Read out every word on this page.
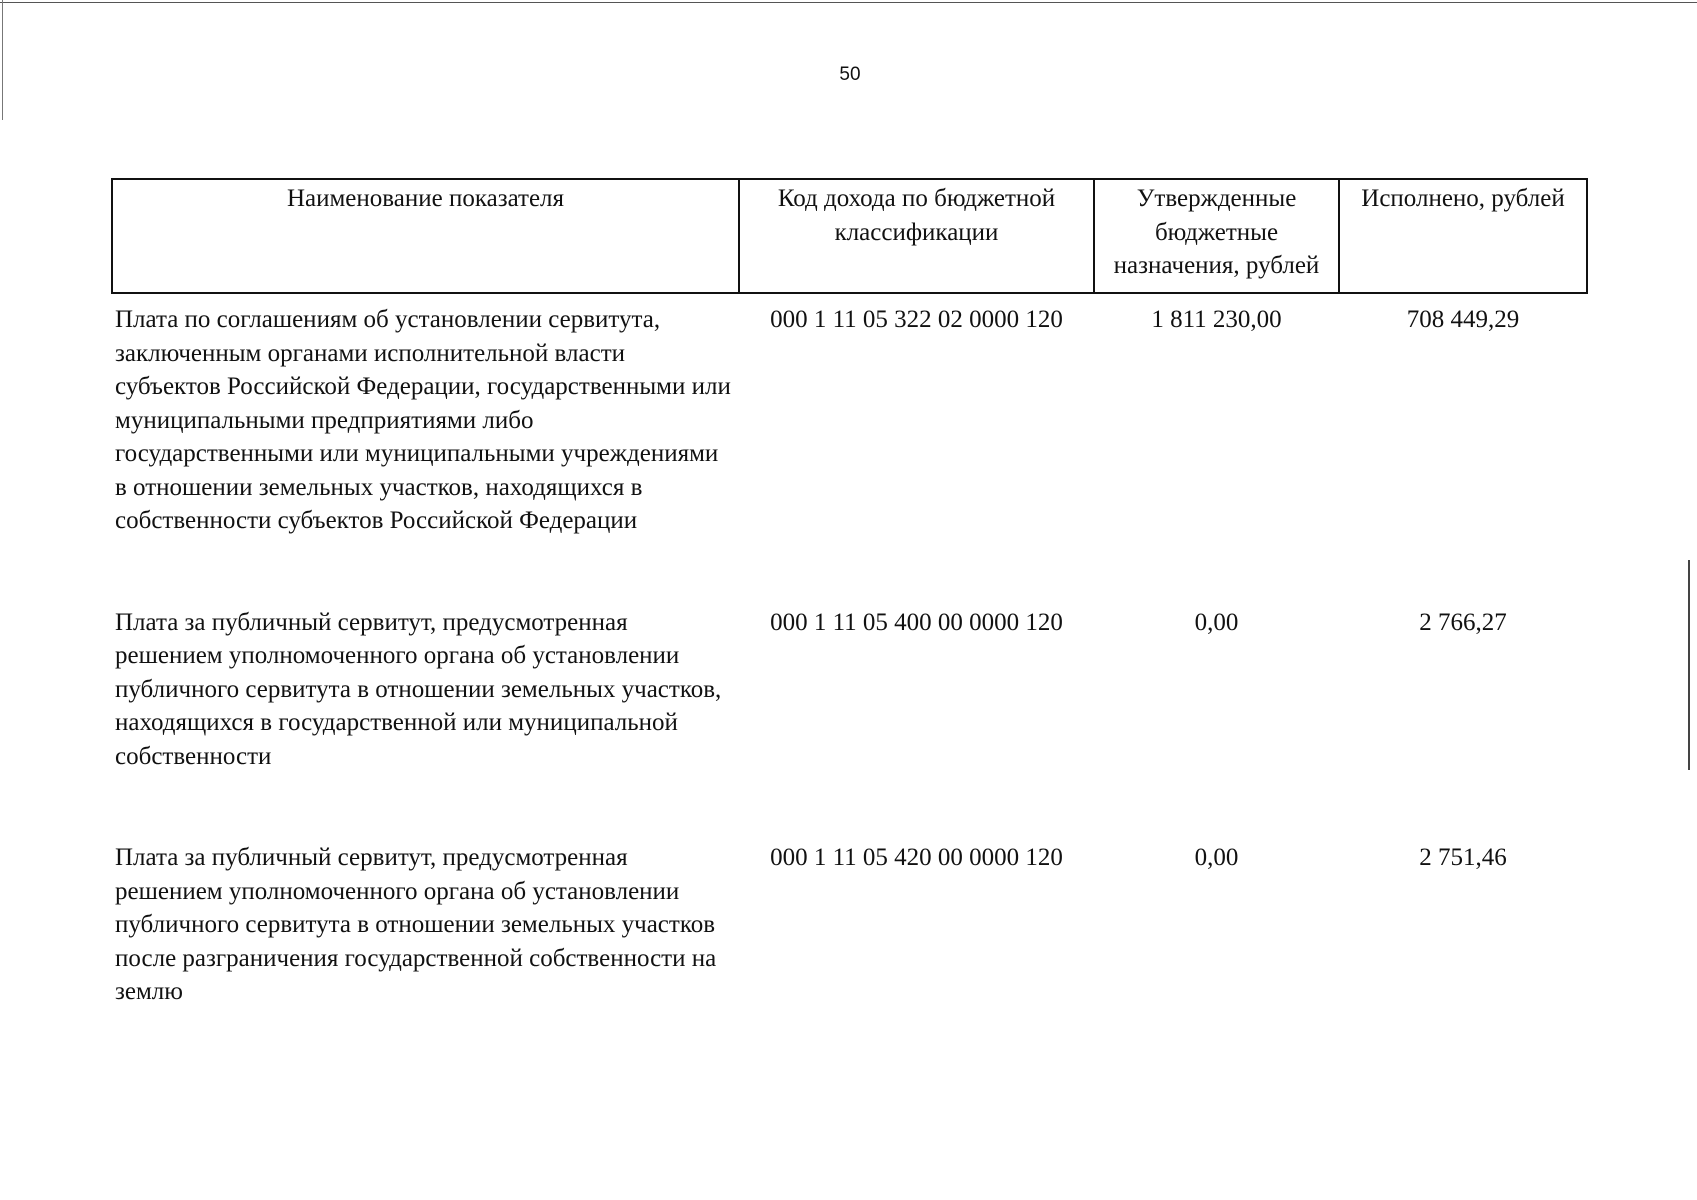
50
Наименование показателя	Код дохода по бюджетной классификации	Утвержденные бюджетные назначения, рублей	Исполнено, рублей
Плата по соглашениям об установлении сервитута, заключенным органами исполнительной власти субъектов Российской Федерации, государственными или муниципальными предприятиями либо государственными или муниципальными учреждениями в отношении земельных участков, находящихся в собственности субъектов Российской Федерации	000 1 11 05 322 02 0000 120	1 811 230,00	708 449,29
Плата за публичный сервитут, предусмотренная решением уполномоченного органа об установлении публичного сервитута в отношении земельных участков, находящихся в государственной или муниципальной собственности	000 1 11 05 400 00 0000 120	0,00	2 766,27
Плата за публичный сервитут, предусмотренная решением уполномоченного органа об установлении публичного сервитута в отношении земельных участков после разграничения государственной собственности на землю	000 1 11 05 420 00 0000 120	0,00	2 751,46
